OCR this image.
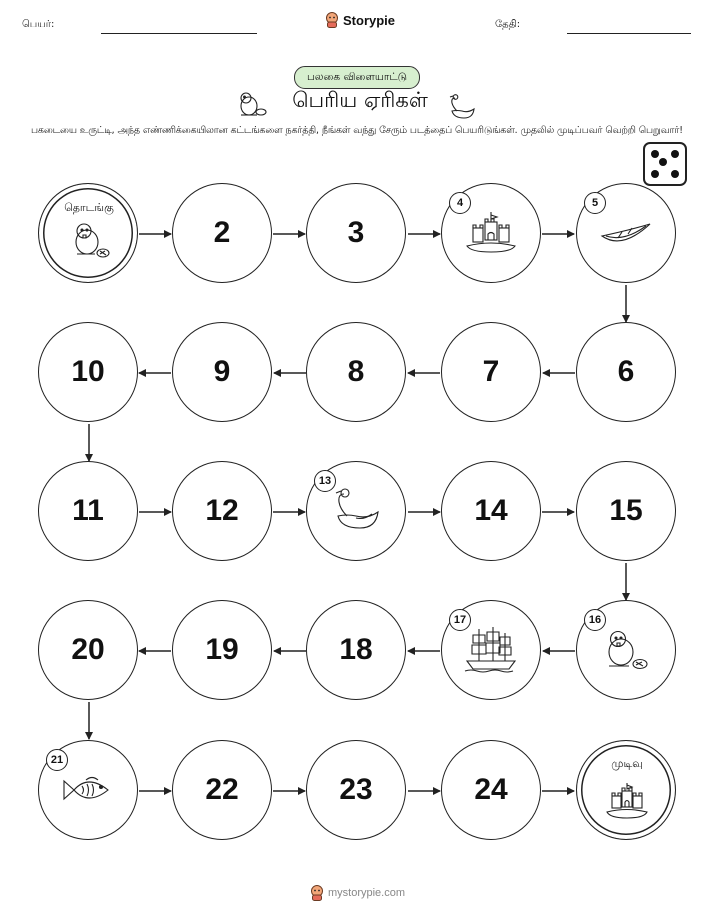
பெயர்:	Storypie	தேதி:
பலகை விளையாட்டு
பெரிய ஏரிகள்
பகடையை உருட்டி, அந்த எண்ணிக்கையிலான கட்டங்களை நகர்த்தி, நீங்கள் வந்து சேரும் படத்தைப் பெயரிடுங்கள். முதலில் முடிப்பவர் வெற்றி பெறுவார்!
தொடங்கு
2	3
4	5
6
7
8
9
10
11	12
13
14	15
16
17
18
19
20
21
22	23	24
முடிவு
mystorypie.com
